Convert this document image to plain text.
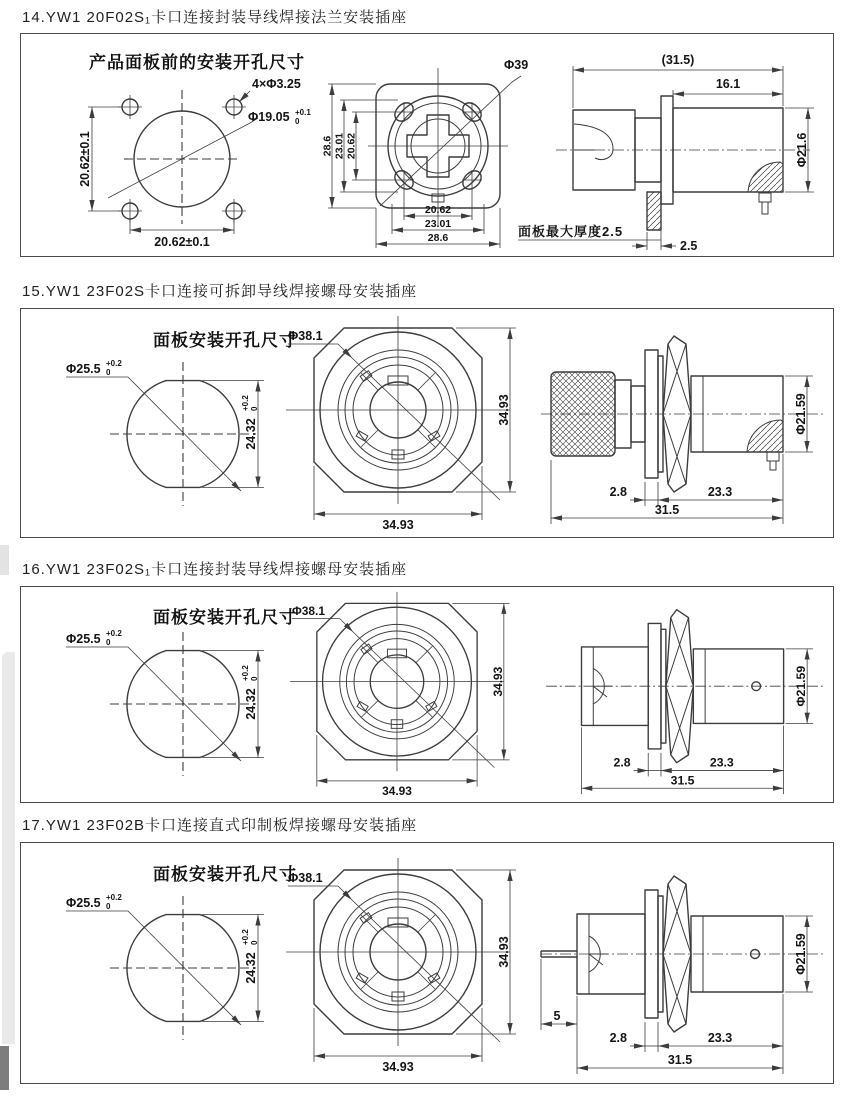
14.YW1 20F02S₁卡口连接封装导线焊接法兰安装插座
产品面板前的安装开孔尺寸
4×Φ3.25
Φ19.05 +0.1
0
20.62±0.1
20.62±0.1
Φ39
28.6 23.01 20.62
20.62
23.01
28.6
(31.5)
16.1
Φ21.6
面板最大厚度2.5
2.5
15.YW1 23F02S卡口连接可拆卸导线焊接螺母安装插座
面板安装开孔尺寸
Φ25.5 +0.2
0
24.32
+0.2 0
Φ38.1
34.93
34.93
Φ21.59
2.8	23.3
31.5
16.YW1 23F02S₁卡口连接封装导线焊接螺母安装插座
面板安装开孔尺寸
Φ25.5 +0.2
0
24.32
+0.2 0
Φ38.1
34.93
34.93
Φ21.59
2.8	23.3
31.5
17.YW1 23F02B卡口连接直式印制板焊接螺母安装插座
面板安装开孔尺寸
Φ25.5 +0.2
0
24.32
+0.2 0
Φ38.1
34.93
34.93
Φ21.59
5
2.8	23.3
31.5
